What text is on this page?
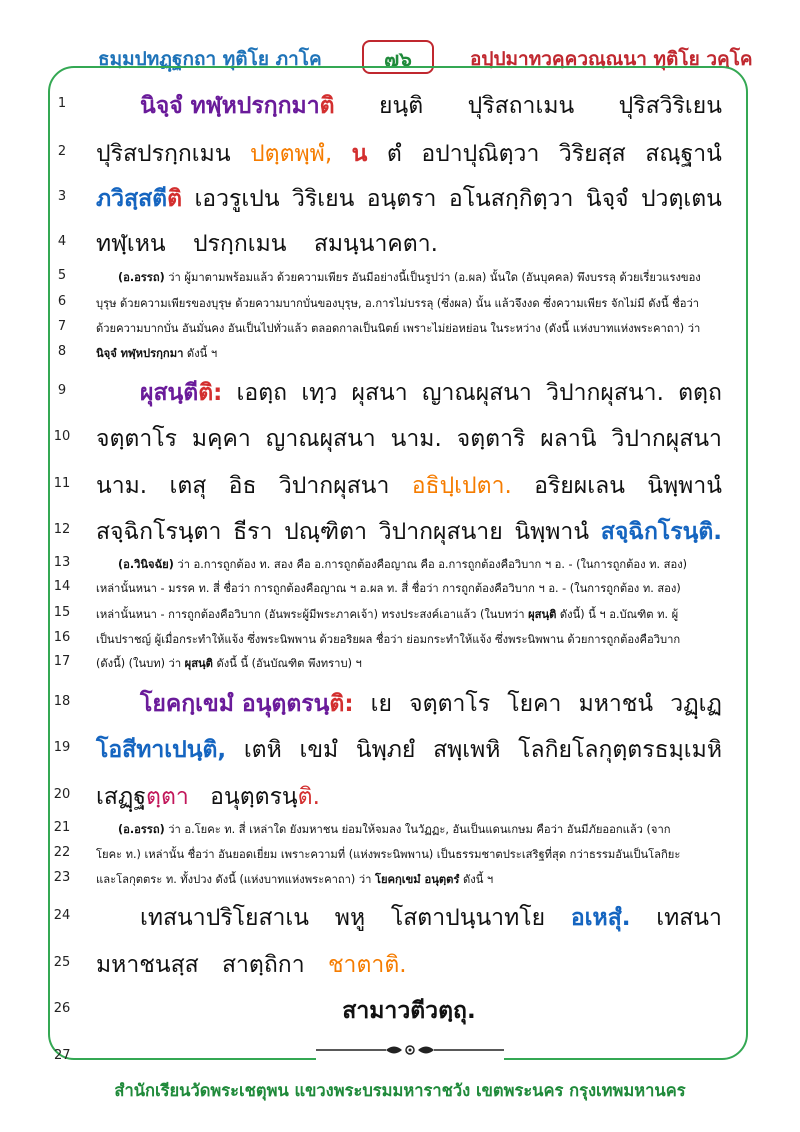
ธมฺมปทฏฺฐกถา ทุติโย ภาโค	๗๖	อปฺปมาทวคฺควณฺณนา ทุติโย วคฺโค
1
2
3
4
5
6
7
8
9
10
11
12
13
14
15
16
17
18
19
20
21
22
23
24
25
26
27
นิจฺจํ ทฬฺหปรกฺกมาติ ยนฺติ ปุริสถาเมน ปุริสวิริเยน
ปุริสปรกฺกเมน ปตฺตพฺพํ, น ตํ อปาปุณิตฺวา วิริยสฺส สณฺฐานํ
ภวิสฺสตีติ เอวรูเปน วิริเยน อนฺตรา อโนสกฺกิตฺวา นิจฺจํ ปวตฺเตน
ทฬฺเหน ปรกฺกเมน สมนฺนาคตา.
(อ.อรรถ) ว่า ผู้มาตามพร้อมแล้ว ด้วยความเพียร อันมีอย่างนี้เป็นรูปว่า (อ.ผล) นั้นใด (อันบุคคล) พึงบรรลุ ด้วยเรี่ยวแรงของ
บุรุษ ด้วยความเพียรของบุรุษ ด้วยความบากบั่นของบุรุษ, อ.การไม่บรรลุ (ซึ่งผล) นั้น แล้วจึงงด ซึ่งความเพียร จักไม่มี ดังนี้ ชื่อว่า
ด้วยความบากบั่น อันมั่นคง อันเป็นไปทั่วแล้ว ตลอดกาลเป็นนิตย์ เพราะไม่ย่อหย่อน ในระหว่าง (ดังนี้ แห่งบาทแห่งพระคาถา) ว่า
นิจฺจํ ทฬฺหปรกฺกมา ดังนี้ ฯ
ผุสนฺตีติ: เอตฺถ เทฺว ผุสนา ญาณผุสนา วิปากผุสนา. ตตฺถ
จตฺตาโร มคฺคา ญาณผุสนา นาม. จตฺตาริ ผลานิ วิปากผุสนา
นาม. เตสุ อิธ วิปากผุสนา อธิปฺเปตา. อริยผเลน นิพฺพานํ
สจฺฉิกโรนฺตา ธีรา ปณฺฑิตา วิปากผุสนาย นิพฺพานํ สจฺฉิกโรนฺติ.
(อ.วินิจฉัย) ว่า อ.การถูกต้อง ท. สอง คือ อ.การถูกต้องคือญาณ คือ อ.การถูกต้องคือวิบาก ฯ อ. - (ในการถูกต้อง ท. สอง)
เหล่านั้นหนา - มรรค ท. สี่ ชื่อว่า การถูกต้องคือญาณ ฯ อ.ผล ท. สี่ ชื่อว่า การถูกต้องคือวิบาก ฯ อ. - (ในการถูกต้อง ท. สอง)
เหล่านั้นหนา - การถูกต้องคือวิบาก (อันพระผู้มีพระภาคเจ้า) ทรงประสงค์เอาแล้ว (ในบทว่า ผุสนฺติ ดังนี้) นี้ ฯ อ.บัณฑิต ท. ผู้
เป็นปราชญ์ ผู้เมื่อกระทำให้แจ้ง ซึ่งพระนิพพาน ด้วยอริยผล ชื่อว่า ย่อมกระทำให้แจ้ง ซึ่งพระนิพพาน ด้วยการถูกต้องคือวิบาก
(ดังนี้) (ในบท) ว่า ผุสนฺติ ดังนี้ นี้ (อันบัณฑิต พึงทราบ) ฯ
โยคกฺเขมํ อนุตฺตรนฺติ: เย จตฺตาโร โยคา มหาชนํ วฏฺเฏ
โอสีทาเปนฺติ, เตหิ เขมํ นิพฺภยํ สพฺเพหิ โลกิยโลกุตฺตรธมฺเมหิ
เสฏฺฐตฺตา อนุตฺตรนฺติ.
(อ.อรรถ) ว่า อ.โยคะ ท. สี่ เหล่าใด ยังมหาชน ย่อมให้จมลง ในวัฏฏะ, อันเป็นแดนเกษม คือว่า อันมีภัยออกแล้ว (จาก
โยคะ ท.) เหล่านั้น ชื่อว่า อันยอดเยี่ยม เพราะความที่ (แห่งพระนิพพาน) เป็นธรรมชาตประเสริฐที่สุด กว่าธรรมอันเป็นโลกิยะ
และโลกุตตระ ท. ทั้งปวง ดังนี้ (แห่งบาทแห่งพระคาถา) ว่า โยคกฺเขมํ อนุตฺตรํ ดังนี้ ฯ
เทสนาปริโยสาเน พหู โสตาปนฺนาทโย อเหสุํ. เทสนา
มหาชนสฺส สาตฺถิกา ชาตาติ.
สามาวตีวตฺถุ.
สำนักเรียนวัดพระเชตุพน แขวงพระบรมมหาราชวัง เขตพระนคร กรุงเทพมหานคร
